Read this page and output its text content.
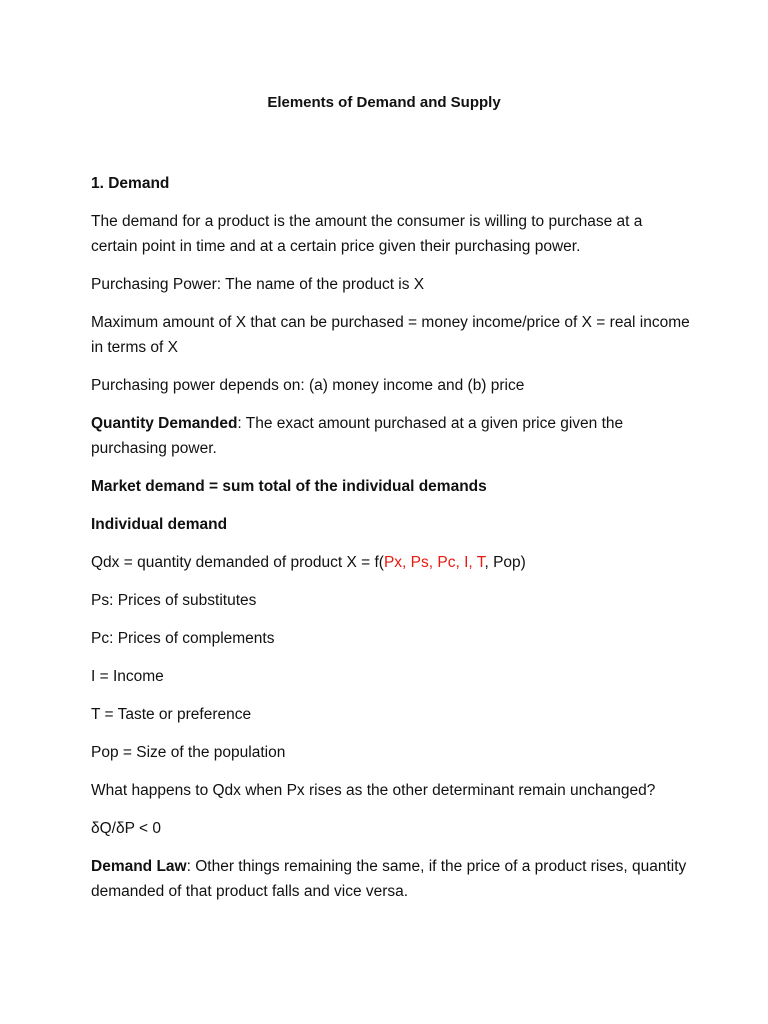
Elements of Demand and Supply

1. Demand

The demand for a product is the amount the consumer is willing to purchase at a certain point in time and at a certain price given their purchasing power.

Purchasing Power: The name of the product is X

Maximum amount of X that can be purchased = money income/price of X = real income in terms of X

Purchasing power depends on: (a) money income and (b) price

Quantity Demanded: The exact amount purchased at a given price given the purchasing power.

Market demand = sum total of the individual demands

Individual demand

Qdx = quantity demanded of product X = f(Px, Ps, Pc, I, T, Pop)

Ps: Prices of substitutes

Pc: Prices of complements

I = Income

T = Taste or preference

Pop = Size of the population

What happens to Qdx when Px rises as the other determinant remain unchanged?

δQ/δP < 0

Demand Law: Other things remaining the same, if the price of a product rises, quantity demanded of that product falls and vice versa.
